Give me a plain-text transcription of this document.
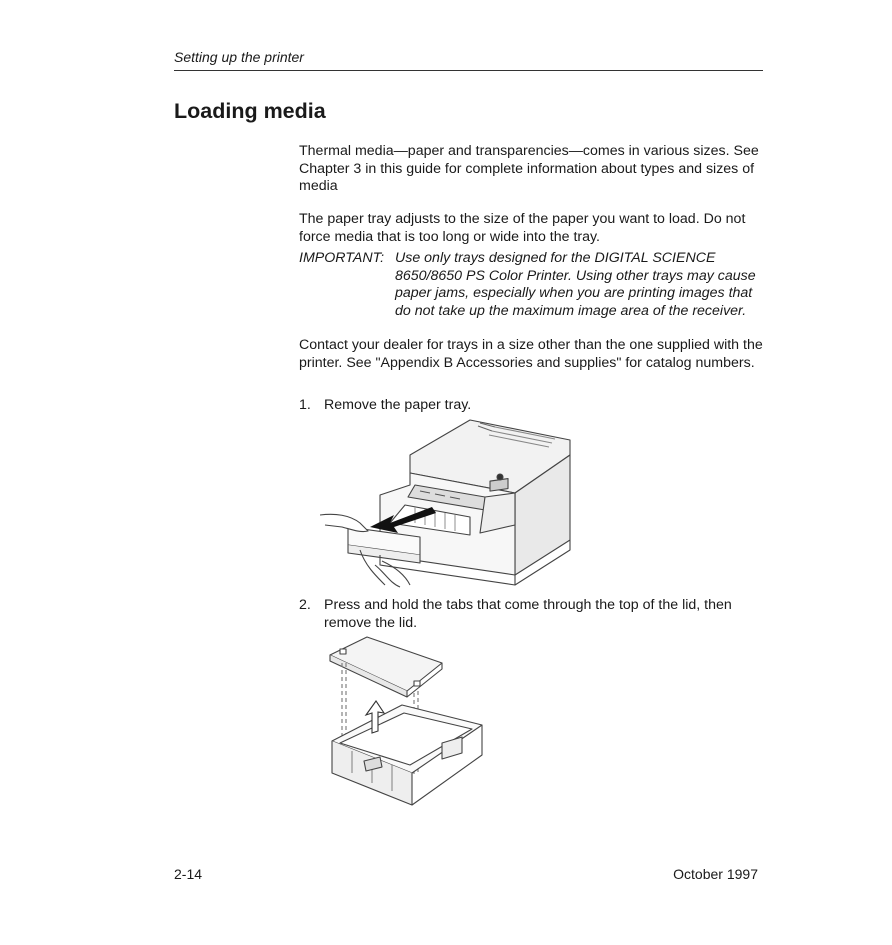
Setting up the printer
Loading media
Thermal media—paper and transparencies—comes in various sizes. See Chapter 3 in this guide for complete information about types and sizes of media
The paper tray adjusts to the size of the paper you want to load. Do not force media that is too long or wide into the tray.
IMPORTANT: Use only trays designed for the DIGITAL SCIENCE 8650/8650 PS Color Printer. Using other trays may cause paper jams, especially when you are printing images that do not take up the maximum image area of the receiver.
Contact your dealer for trays in a size other than the one supplied with the printer. See "Appendix B Accessories and supplies" for catalog numbers.
1. Remove the paper tray.
2. Press and hold the tabs that come through the top of the lid, then remove the lid.
2-14	October 1997
